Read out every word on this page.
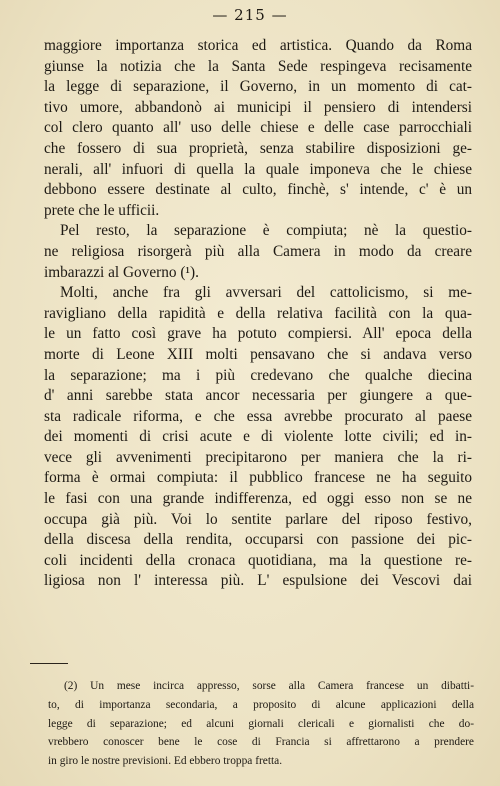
— 215 —
maggiore importanza storica ed artistica. Quando da Roma
giunse la notizia che la Santa Sede respingeva recisamente
la legge di separazione, il Governo, in un momento di cat-
tivo umore, abbandonò ai municipi il pensiero di intendersi
col clero quanto all' uso delle chiese e delle case parrocchiali
che fossero di sua proprietà, senza stabilire disposizioni ge-
nerali, all' infuori di quella la quale imponeva che le chiese
debbono essere destinate al culto, finchè, s' intende, c' è un
prete che le ufficii.
Pel resto, la separazione è compiuta; nè la questio-
ne religiosa risorgerà più alla Camera in modo da creare
imbarazzi al Governo (¹).
Molti, anche fra gli avversari del cattolicismo, si me-
ravigliano della rapidità e della relativa facilità con la qua-
le un fatto così grave ha potuto compiersi. All' epoca della
morte di Leone XIII molti pensavano che si andava verso
la separazione; ma i più credevano che qualche diecina
d' anni sarebbe stata ancor necessaria per giungere a que-
sta radicale riforma, e che essa avrebbe procurato al paese
dei momenti di crisi acute e di violente lotte civili; ed in-
vece gli avvenimenti precipitarono per maniera che la ri-
forma è ormai compiuta: il pubblico francese ne ha seguito
le fasi con una grande indifferenza, ed oggi esso non se ne
occupa già più. Voi lo sentite parlare del riposo festivo,
della discesa della rendita, occuparsi con passione dei pic-
coli incidenti della cronaca quotidiana, ma la questione re-
ligiosa non l' interessa più. L' espulsione dei Vescovi dai
(2) Un mese incirca appresso, sorse alla Camera francese un dibatti-
to, di importanza secondaria, a proposito di alcune applicazioni della
legge di separazione; ed alcuni giornali clericali e giornalisti che do-
vrebbero conoscer bene le cose di Francia si affrettarono a prendere
in giro le nostre previsioni. Ed ebbero troppa fretta.
